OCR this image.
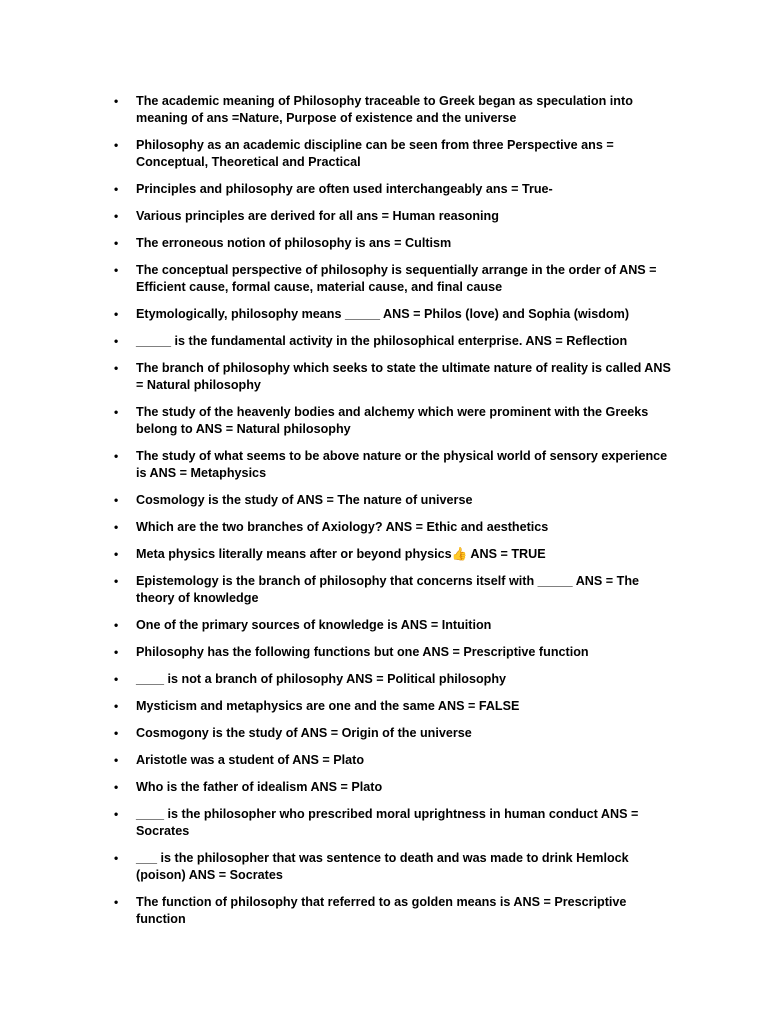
• The academic meaning of Philosophy traceable to Greek began as speculation into meaning of ans =Nature, Purpose of existence and the universe
• Philosophy as an academic discipline can be seen from three Perspective ans = Conceptual, Theoretical and Practical
• Principles and philosophy are often used interchangeably ans = True-
• Various principles are derived for all ans = Human reasoning
• The erroneous notion of philosophy is ans = Cultism
• The conceptual perspective of philosophy is sequentially arrange in the order of ANS = Efficient cause, formal cause, material cause, and final cause
• Etymologically, philosophy means _____ ANS = Philos (love) and Sophia (wisdom)
• _____ is the fundamental activity in the philosophical enterprise. ANS = Reflection
• The branch of philosophy which seeks to state the ultimate nature of reality is called ANS = Natural philosophy
• The study of the heavenly bodies and alchemy which were prominent with the Greeks belong to ANS = Natural philosophy
• The study of what seems to be above nature or the physical world of sensory experience is ANS = Metaphysics
• Cosmology is the study of ANS = The nature of universe
• Which are the two branches of Axiology? ANS = Ethic and aesthetics
• Meta physics literally means after or beyond physics👍 ANS = TRUE
• Epistemology is the branch of philosophy that concerns itself with _____ ANS = The theory of knowledge
• One of the primary sources of knowledge is ANS = Intuition
• Philosophy has the following functions but one ANS = Prescriptive function
• ____ is not a branch of philosophy ANS = Political philosophy
• Mysticism and metaphysics are one and the same ANS = FALSE
• Cosmogony is the study of ANS = Origin of the universe
• Aristotle was a student of ANS = Plato
• Who is the father of idealism ANS = Plato
• ____ is the philosopher who prescribed moral uprightness in human conduct ANS = Socrates
• ___ is the philosopher that was sentence to death and was made to drink Hemlock (poison) ANS = Socrates
• The function of philosophy that referred to as golden means is ANS = Prescriptive function
